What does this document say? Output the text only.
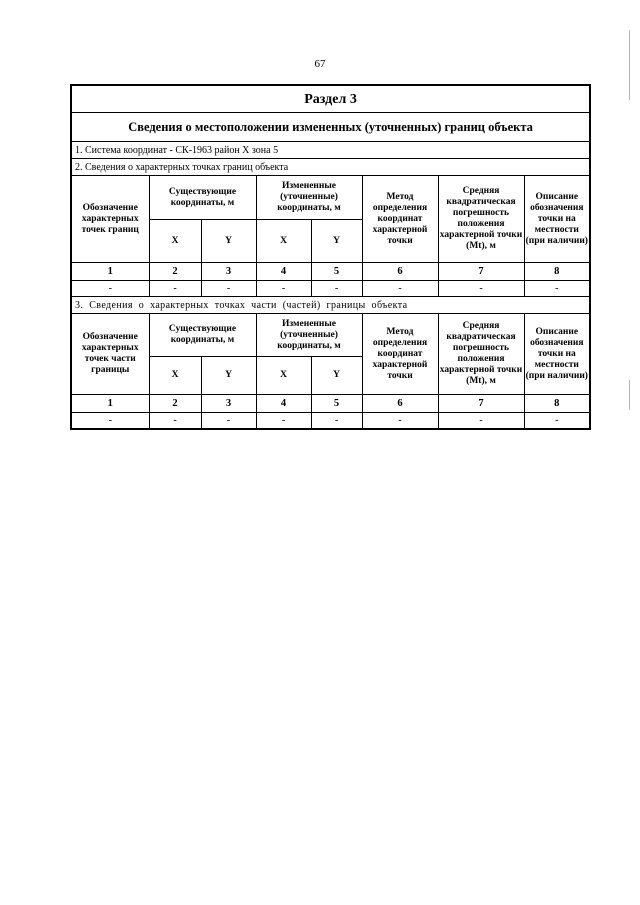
67
Раздел 3							
Сведения о местоположении измененных (уточненных) границ объекта							
1. Система координат - СК-1963 район X зона 5							
2. Сведения о характерных точках границ объекта							
Обозначение характерных точек границ	Существующие координаты, м		Измененные (уточненные) координаты, м		Метод определения координат характерной точки	Средняя квадратическая погрешность положения характерной точки (Mt), м	Описание обозначения точки на местности (при наличии)
	X	Y	X	Y			
1	2	3	4	5	6	7	8
-	-	-	-	-	-	-	-
3. Сведения о характерных точках части (частей) границы объекта							
Обозначение характерных точек части границы	Существующие координаты, м		Измененные (уточненные) координаты, м		Метод определения координат характерной точки	Средняя квадратическая погрешность положения характерной точки (Mt), м	Описание обозначения точки на местности (при наличии)
	X	Y	X	Y			
1	2	3	4	5	6	7	8
-	-	-	-	-	-	-	-
